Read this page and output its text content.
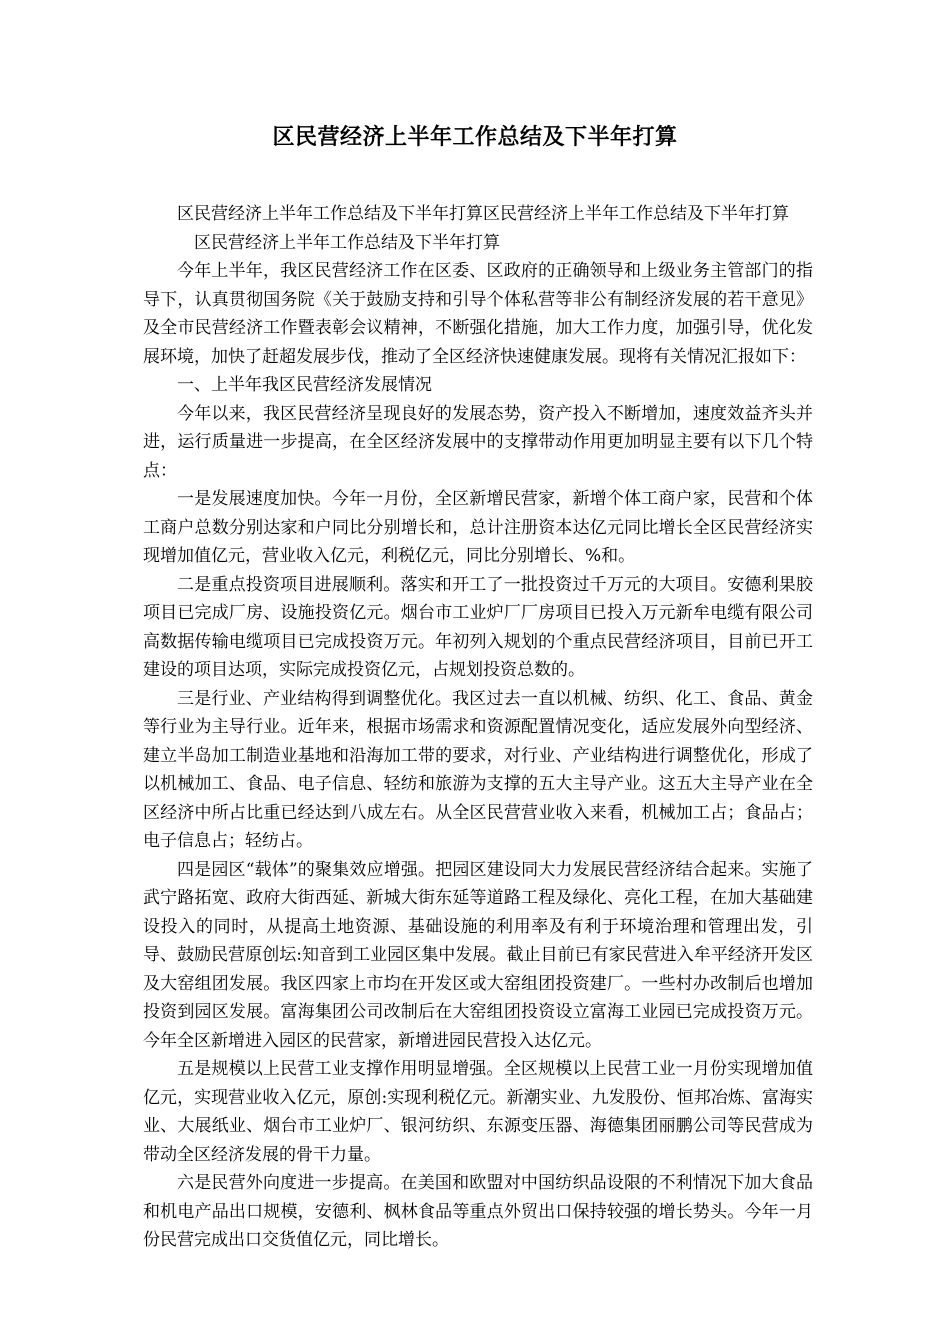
区民营经济上半年工作总结及下半年打算

区民营经济上半年工作总结及下半年打算区民营经济上半年工作总结及下半年打算

区民营经济上半年工作总结及下半年打算

今年上半年，我区民营经济工作在区委、区政府的正确领导和上级业务主管部门的指导下，认真贯彻国务院《关于鼓励支持和引导个体私营等非公有制经济发展的若干意见》及全市民营经济工作暨表彰会议精神，不断强化措施，加大工作力度，加强引导，优化发展环境，加快了赶超发展步伐，推动了全区经济快速健康发展。现将有关情况汇报如下：

一、上半年我区民营经济发展情况

今年以来，我区民营经济呈现良好的发展态势，资产投入不断增加，速度效益齐头并进，运行质量进一步提高，在全区经济发展中的支撑带动作用更加明显主要有以下几个特点：

一是发展速度加快。今年一月份，全区新增民营家，新增个体工商户家，民营和个体工商户总数分别达家和户同比分别增长和，总计注册资本达亿元同比增长全区民营经济实现增加值亿元，营业收入亿元，利税亿元，同比分别增长、%和。

二是重点投资项目进展顺利。落实和开工了一批投资过千万元的大项目。安德利果胶项目已完成厂房、设施投资亿元。烟台市工业炉厂厂房项目已投入万元新牟电缆有限公司高数据传输电缆项目已完成投资万元。年初列入规划的个重点民营经济项目，目前已开工建设的项目达项，实际完成投资亿元，占规划投资总数的。

三是行业、产业结构得到调整优化。我区过去一直以机械、纺织、化工、食品、黄金等行业为主导行业。近年来，根据市场需求和资源配置情况变化，适应发展外向型经济、建立半岛加工制造业基地和沿海加工带的要求，对行业、产业结构进行调整优化，形成了以机械加工、食品、电子信息、轻纺和旅游为支撑的五大主导产业。这五大主导产业在全区经济中所占比重已经达到八成左右。从全区民营营业收入来看，机械加工占；食品占；电子信息占；轻纺占。

四是园区“载体”的聚集效应增强。把园区建设同大力发展民营经济结合起来。实施了武宁路拓宽、政府大街西延、新城大街东延等道路工程及绿化、亮化工程，在加大基础建设投入的同时，从提高土地资源、基础设施的利用率及有利于环境治理和管理出发，引导、鼓励民营原创坛:知音到工业园区集中发展。截止目前已有家民营进入牟平经济开发区及大窑组团发展。我区四家上市均在开发区或大窑组团投资建厂。一些村办改制后也增加投资到园区发展。富海集团公司改制后在大窑组团投资设立富海工业园已完成投资万元。今年全区新增进入园区的民营家，新增进园民营投入达亿元。

五是规模以上民营工业支撑作用明显增强。全区规模以上民营工业一月份实现增加值亿元，实现营业收入亿元，原创:实现利税亿元。新潮实业、九发股份、恒邦冶炼、富海实业、大展纸业、烟台市工业炉厂、银河纺织、东源变压器、海德集团丽鹏公司等民营成为带动全区经济发展的骨干力量。

六是民营外向度进一步提高。在美国和欧盟对中国纺织品设限的不利情况下加大食品和机电产品出口规模，安德利、枫林食品等重点外贸出口保持较强的增长势头。今年一月份民营完成出口交货值亿元，同比增长。
